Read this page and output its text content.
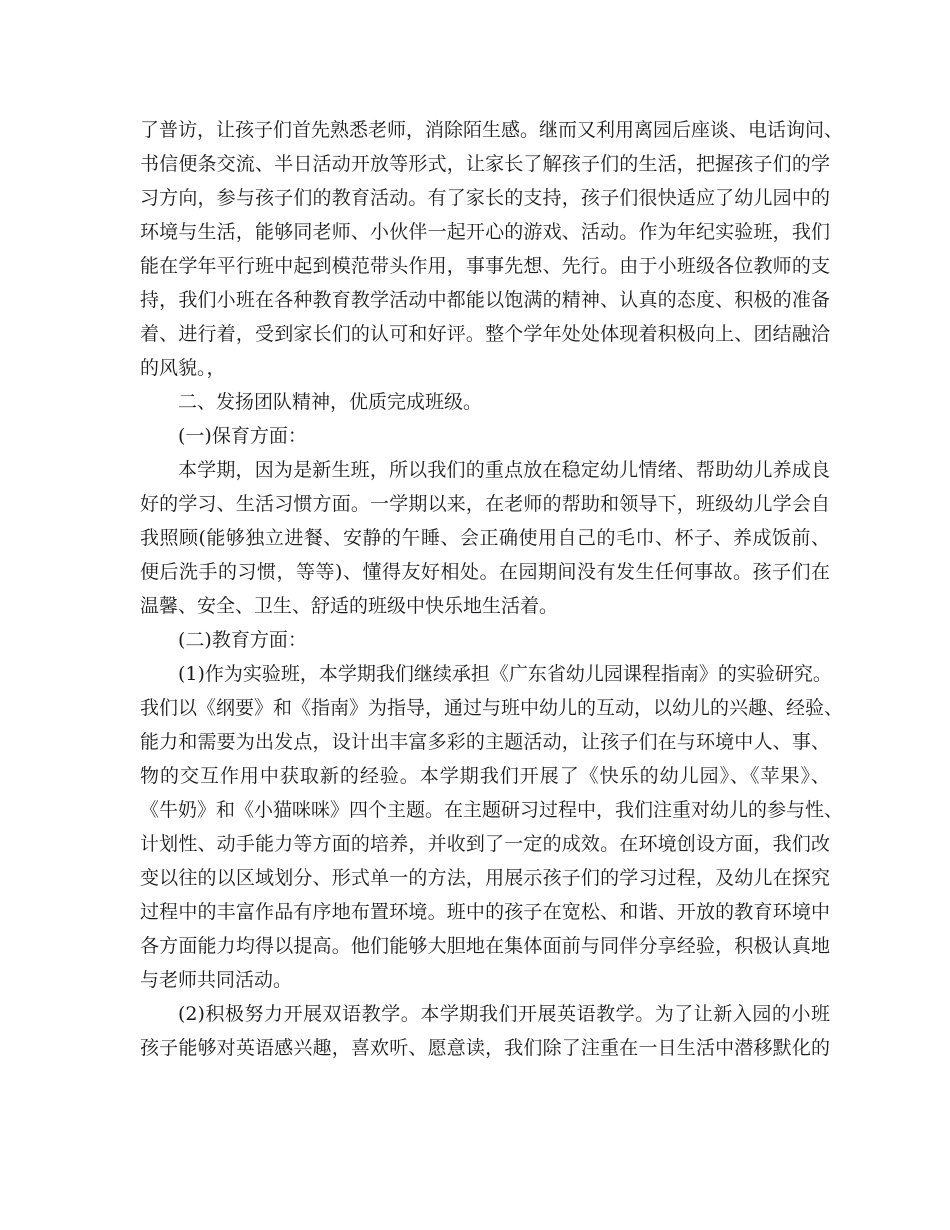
了普访，让孩子们首先熟悉老师，消除陌生感。继而又利用离园后座谈、电话询问、
书信便条交流、半日活动开放等形式，让家长了解孩子们的生活，把握孩子们的学
习方向，参与孩子们的教育活动。有了家长的支持，孩子们很快适应了幼儿园中的
环境与生活，能够同老师、小伙伴一起开心的游戏、活动。作为年纪实验班，我们
能在学年平行班中起到模范带头作用，事事先想、先行。由于小班级各位教师的支
持，我们小班在各种教育教学活动中都能以饱满的精神、认真的态度、积极的准备
着、进行着，受到家长们的认可和好评。整个学年处处体现着积极向上、团结融洽
的风貌。，
二、发扬团队精神，优质完成班级。
(一)保育方面：
本学期，因为是新生班，所以我们的重点放在稳定幼儿情绪、帮助幼儿养成良
好的学习、生活习惯方面。一学期以来，在老师的帮助和领导下，班级幼儿学会自
我照顾(能够独立进餐、安静的午睡、会正确使用自己的毛巾、杯子、养成饭前、
便后洗手的习惯，等等)、懂得友好相处。在园期间没有发生任何事故。孩子们在
温馨、安全、卫生、舒适的班级中快乐地生活着。
(二)教育方面：
(1)作为实验班，本学期我们继续承担《广东省幼儿园课程指南》的实验研究。
我们以《纲要》和《指南》为指导，通过与班中幼儿的互动，以幼儿的兴趣、经验、
能力和需要为出发点，设计出丰富多彩的主题活动，让孩子们在与环境中人、事、
物的交互作用中获取新的经验。本学期我们开展了《快乐的幼儿园》、《苹果》、
《牛奶》和《小猫咪咪》四个主题。在主题研习过程中，我们注重对幼儿的参与性、
计划性、动手能力等方面的培养，并收到了一定的成效。在环境创设方面，我们改
变以往的以区域划分、形式单一的方法，用展示孩子们的学习过程，及幼儿在探究
过程中的丰富作品有序地布置环境。班中的孩子在宽松、和谐、开放的教育环境中
各方面能力均得以提高。他们能够大胆地在集体面前与同伴分享经验，积极认真地
与老师共同活动。
(2)积极努力开展双语教学。本学期我们开展英语教学。为了让新入园的小班
孩子能够对英语感兴趣，喜欢听、愿意读，我们除了注重在一日生活中潜移默化的
